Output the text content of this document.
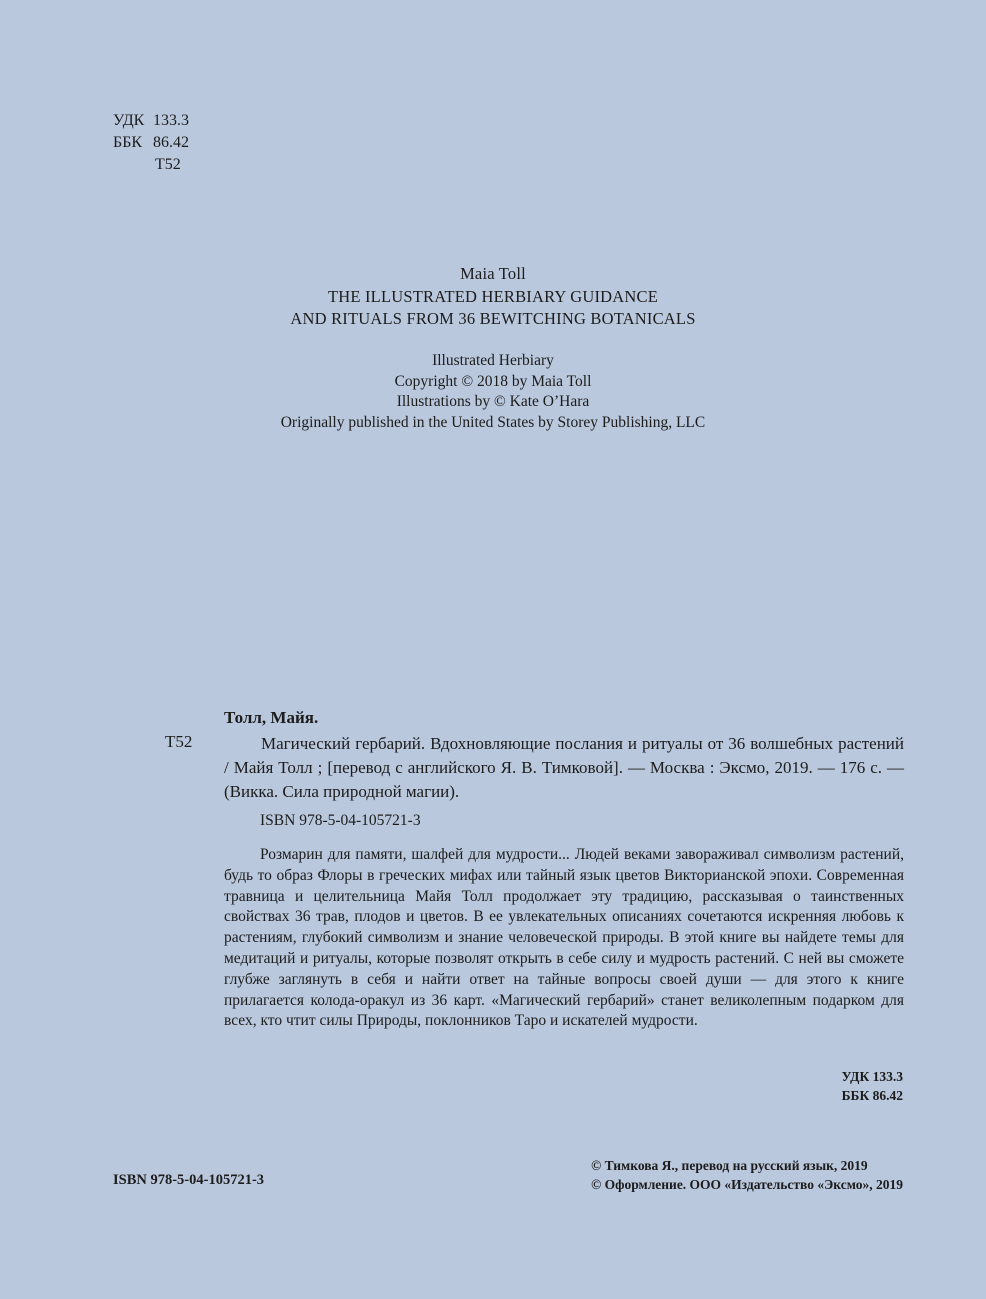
УДК 133.3
ББК 86.42
Т52
Maia Toll
THE ILLUSTRATED HERBIARY GUIDANCE
AND RITUALS FROM 36 BEWITCHING BOTANICALS
Illustrated Herbiary
Copyright © 2018 by Maia Toll
Illustrations by © Kate O’Hara
Originally published in the United States by Storey Publishing, LLC
Толл, Майя.
Т52	Магический гербарий. Вдохновляющие послания и ритуалы от 36 волшебных растений / Майя Толл ; [перевод с английского Я. В. Тимковой]. — Москва : Эксмо, 2019. — 176 с. — (Викка. Сила природной магии).
ISBN 978-5-04-105721-3
Розмарин для памяти, шалфей для мудрости... Людей веками завораживал символизм растений, будь то образ Флоры в греческих мифах или тайный язык цветов Викторианской эпохи. Современная травница и целительница Майя Толл продолжает эту традицию, рассказывая о таинственных свойствах 36 трав, плодов и цветов. В ее увлекательных описаниях сочетаются искренняя любовь к растениям, глубокий символизм и знание человеческой природы. В этой книге вы найдете темы для медитаций и ритуалы, которые позволят открыть в себе силу и мудрость растений. С ней вы сможете глубже заглянуть в себя и найти ответ на тайные вопросы своей души — для этого к книге прилагается колода-оракул из 36 карт. «Магический гербарий» станет великолепным подарком для всех, кто чтит силы Природы, поклонников Таро и искателей мудрости.
УДК 133.3
ББК 86.42
ISBN 978-5-04-105721-3
© Тимкова Я., перевод на русский язык, 2019
© Оформление. ООО «Издательство «Эксмо», 2019
